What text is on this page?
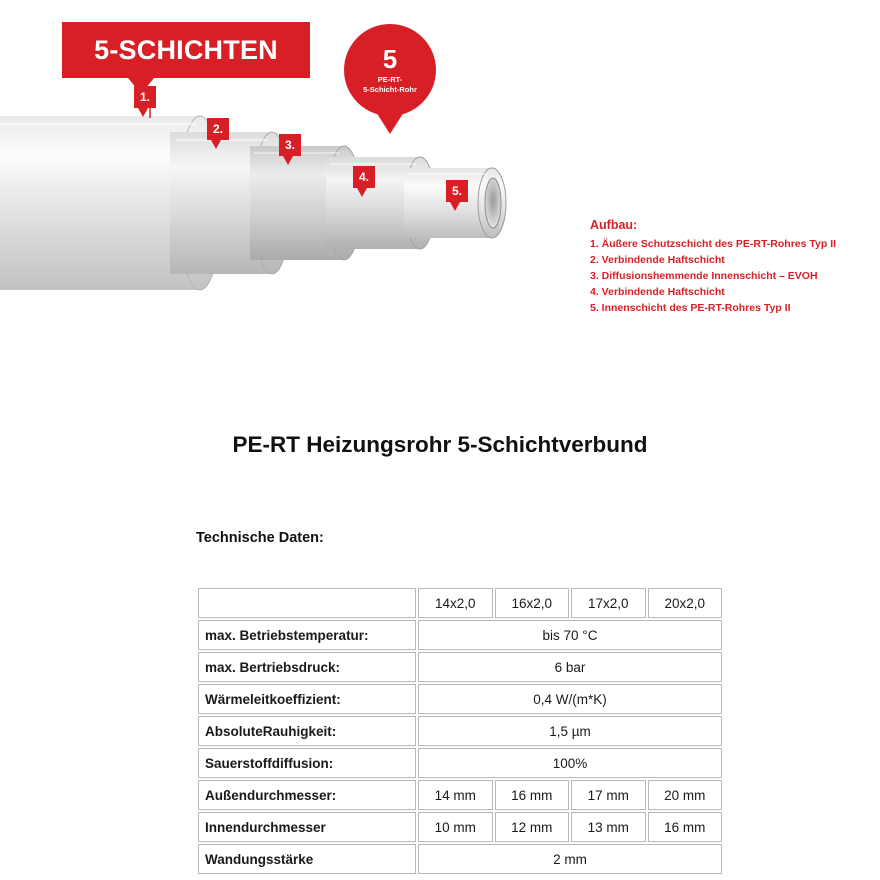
5-SCHICHTEN	5
PE-RT-
5-Schicht-Rohr
1.
2.
3.
4.
5.
Aufbau:
1. Äußere Schutzschicht des PE-RT-Rohres Typ II
2. Verbindende Haftschicht
3. Diffusionshemmende Innenschicht – EVOH
4. Verbindende Haftschicht
5. Innenschicht des PE-RT-Rohres Typ II
PE-RT Heizungsrohr 5-Schichtverbund
Technische Daten:
	14x2,0	16x2,0	17x2,0	20x2,0
max. Betriebstemperatur:	bis 70 °C			
max. Bertriebsdruck:	6 bar			
Wärmeleitkoeffizient:	0,4 W/(m*K)			
AbsoluteRauhigkeit:	1,5 µm			
Sauerstoffdiffusion:	100%			
Außendurchmesser:	14 mm	16 mm	17 mm	20 mm
Innendurchmesser	10 mm	12 mm	13 mm	16 mm
Wandungsstärke	2 mm			
